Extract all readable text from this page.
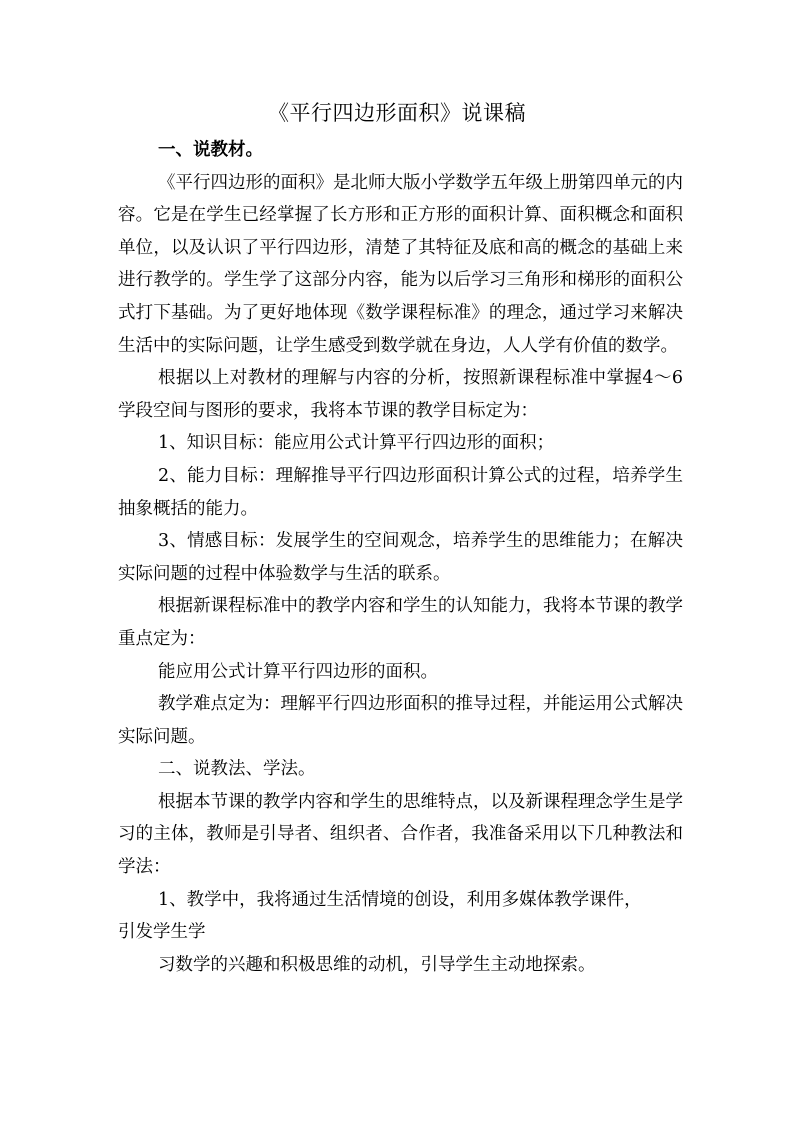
《平行四边形面积》说课稿

一、说教材。

《平行四边形的面积》是北师大版小学数学五年级上册第四单元的内容。它是在学生已经掌握了长方形和正方形的面积计算、面积概念和面积单位，以及认识了平行四边形，清楚了其特征及底和高的概念的基础上来进行教学的。学生学了这部分内容，能为以后学习三角形和梯形的面积公式打下基础。为了更好地体现《数学课程标准》的理念，通过学习来解决生活中的实际问题，让学生感受到数学就在身边，人人学有价值的数学。

根据以上对教材的理解与内容的分析，按照新课程标准中掌握4～6学段空间与图形的要求，我将本节课的教学目标定为：

1、知识目标：能应用公式计算平行四边形的面积；

2、能力目标：理解推导平行四边形面积计算公式的过程，培养学生抽象概括的能力。

3、情感目标：发展学生的空间观念，培养学生的思维能力；在解决实际问题的过程中体验数学与生活的联系。

根据新课程标准中的教学内容和学生的认知能力，我将本节课的教学重点定为：

能应用公式计算平行四边形的面积。

教学难点定为：理解平行四边形面积的推导过程，并能运用公式解决实际问题。

二、说教法、学法。

根据本节课的教学内容和学生的思维特点，以及新课程理念学生是学习的主体，教师是引导者、组织者、合作者，我准备采用以下几种教法和学法：

1、教学中，我将通过生活情境的创设，利用多媒体教学课件，

引发学生学

习数学的兴趣和积极思维的动机，引导学生主动地探索。
